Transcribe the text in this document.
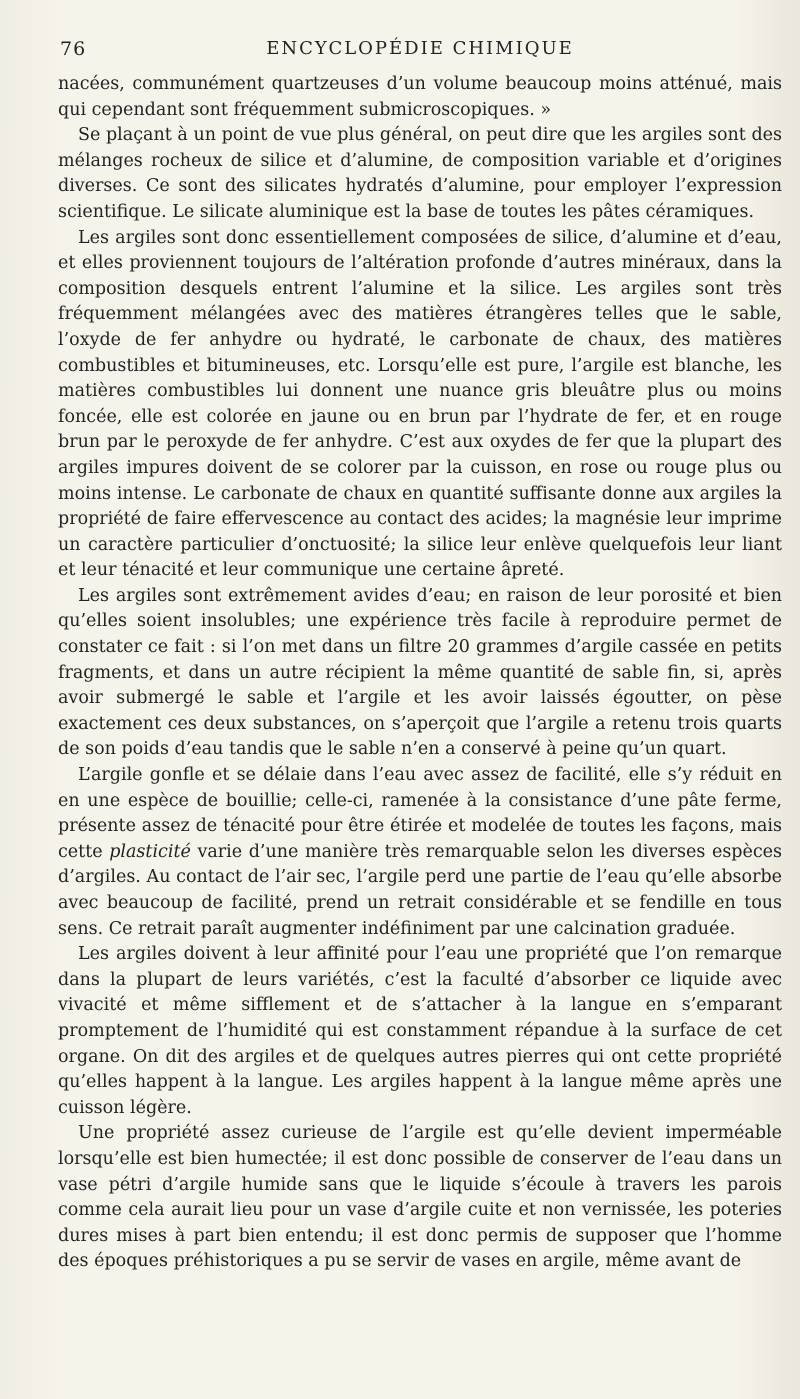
76	ENCYCLOPÉDIE CHIMIQUE

nacées, communément quartzeuses d’un volume beaucoup moins atténué, mais qui cependant sont fréquemment submicroscopiques. »

Se plaçant à un point de vue plus général, on peut dire que les argiles sont des mélanges rocheux de silice et d’alumine, de composition variable et d’origines diverses. Ce sont des silicates hydratés d’alumine, pour employer l’expression scientifique. Le silicate aluminique est la base de toutes les pâtes céramiques.

Les argiles sont donc essentiellement composées de silice, d’alumine et d’eau, et elles proviennent toujours de l’altération profonde d’autres minéraux, dans la composition desquels entrent l’alumine et la silice. Les argiles sont très fréquemment mélangées avec des matières étrangères telles que le sable, l’oxyde de fer anhydre ou hydraté, le carbonate de chaux, des matières combustibles et bitumineuses, etc. Lorsqu’elle est pure, l’argile est blanche, les matières combustibles lui donnent une nuance gris bleuâtre plus ou moins foncée, elle est colorée en jaune ou en brun par l’hydrate de fer, et en rouge brun par le peroxyde de fer anhydre. C’est aux oxydes de fer que la plupart des argiles impures doivent de se colorer par la cuisson, en rose ou rouge plus ou moins intense. Le carbonate de chaux en quantité suffisante donne aux argiles la propriété de faire effervescence au contact des acides; la magnésie leur imprime un caractère particulier d’onctuosité; la silice leur enlève quelquefois leur liant et leur ténacité et leur communique une certaine âpreté.

Les argiles sont extrêmement avides d’eau; en raison de leur porosité et bien qu’elles soient insolubles; une expérience très facile à reproduire permet de constater ce fait : si l’on met dans un filtre 20 grammes d’argile cassée en petits fragments, et dans un autre récipient la même quantité de sable fin, si, après avoir submergé le sable et l’argile et les avoir laissés égoutter, on pèse exactement ces deux substances, on s’aperçoit que l’argile a retenu trois quarts de son poids d’eau tandis que le sable n’en a conservé à peine qu’un quart.

L’argile gonfle et se délaie dans l’eau avec assez de facilité, elle s’y réduit en en une espèce de bouillie; celle-ci, ramenée à la consistance d’une pâte ferme, présente assez de ténacité pour être étirée et modelée de toutes les façons, mais cette plasticité varie d’une manière très remarquable selon les diverses espèces d’argiles. Au contact de l’air sec, l’argile perd une partie de l’eau qu’elle absorbe avec beaucoup de facilité, prend un retrait considérable et se fendille en tous sens. Ce retrait paraît augmenter indéfiniment par une calcination graduée.

Les argiles doivent à leur affinité pour l’eau une propriété que l’on remarque dans la plupart de leurs variétés, c’est la faculté d’absorber ce liquide avec vivacité et même sifflement et de s’attacher à la langue en s’emparant promptement de l’humidité qui est constamment répandue à la surface de cet organe. On dit des argiles et de quelques autres pierres qui ont cette propriété qu’elles happent à la langue. Les argiles happent à la langue même après une cuisson légère.

Une propriété assez curieuse de l’argile est qu’elle devient imperméable lorsqu’elle est bien humectée; il est donc possible de conserver de l’eau dans un vase pétri d’argile humide sans que le liquide s’écoule à travers les parois comme cela aurait lieu pour un vase d’argile cuite et non vernissée, les poteries dures mises à part bien entendu; il est donc permis de supposer que l’homme des époques préhistoriques a pu se servir de vases en argile, même avant de
